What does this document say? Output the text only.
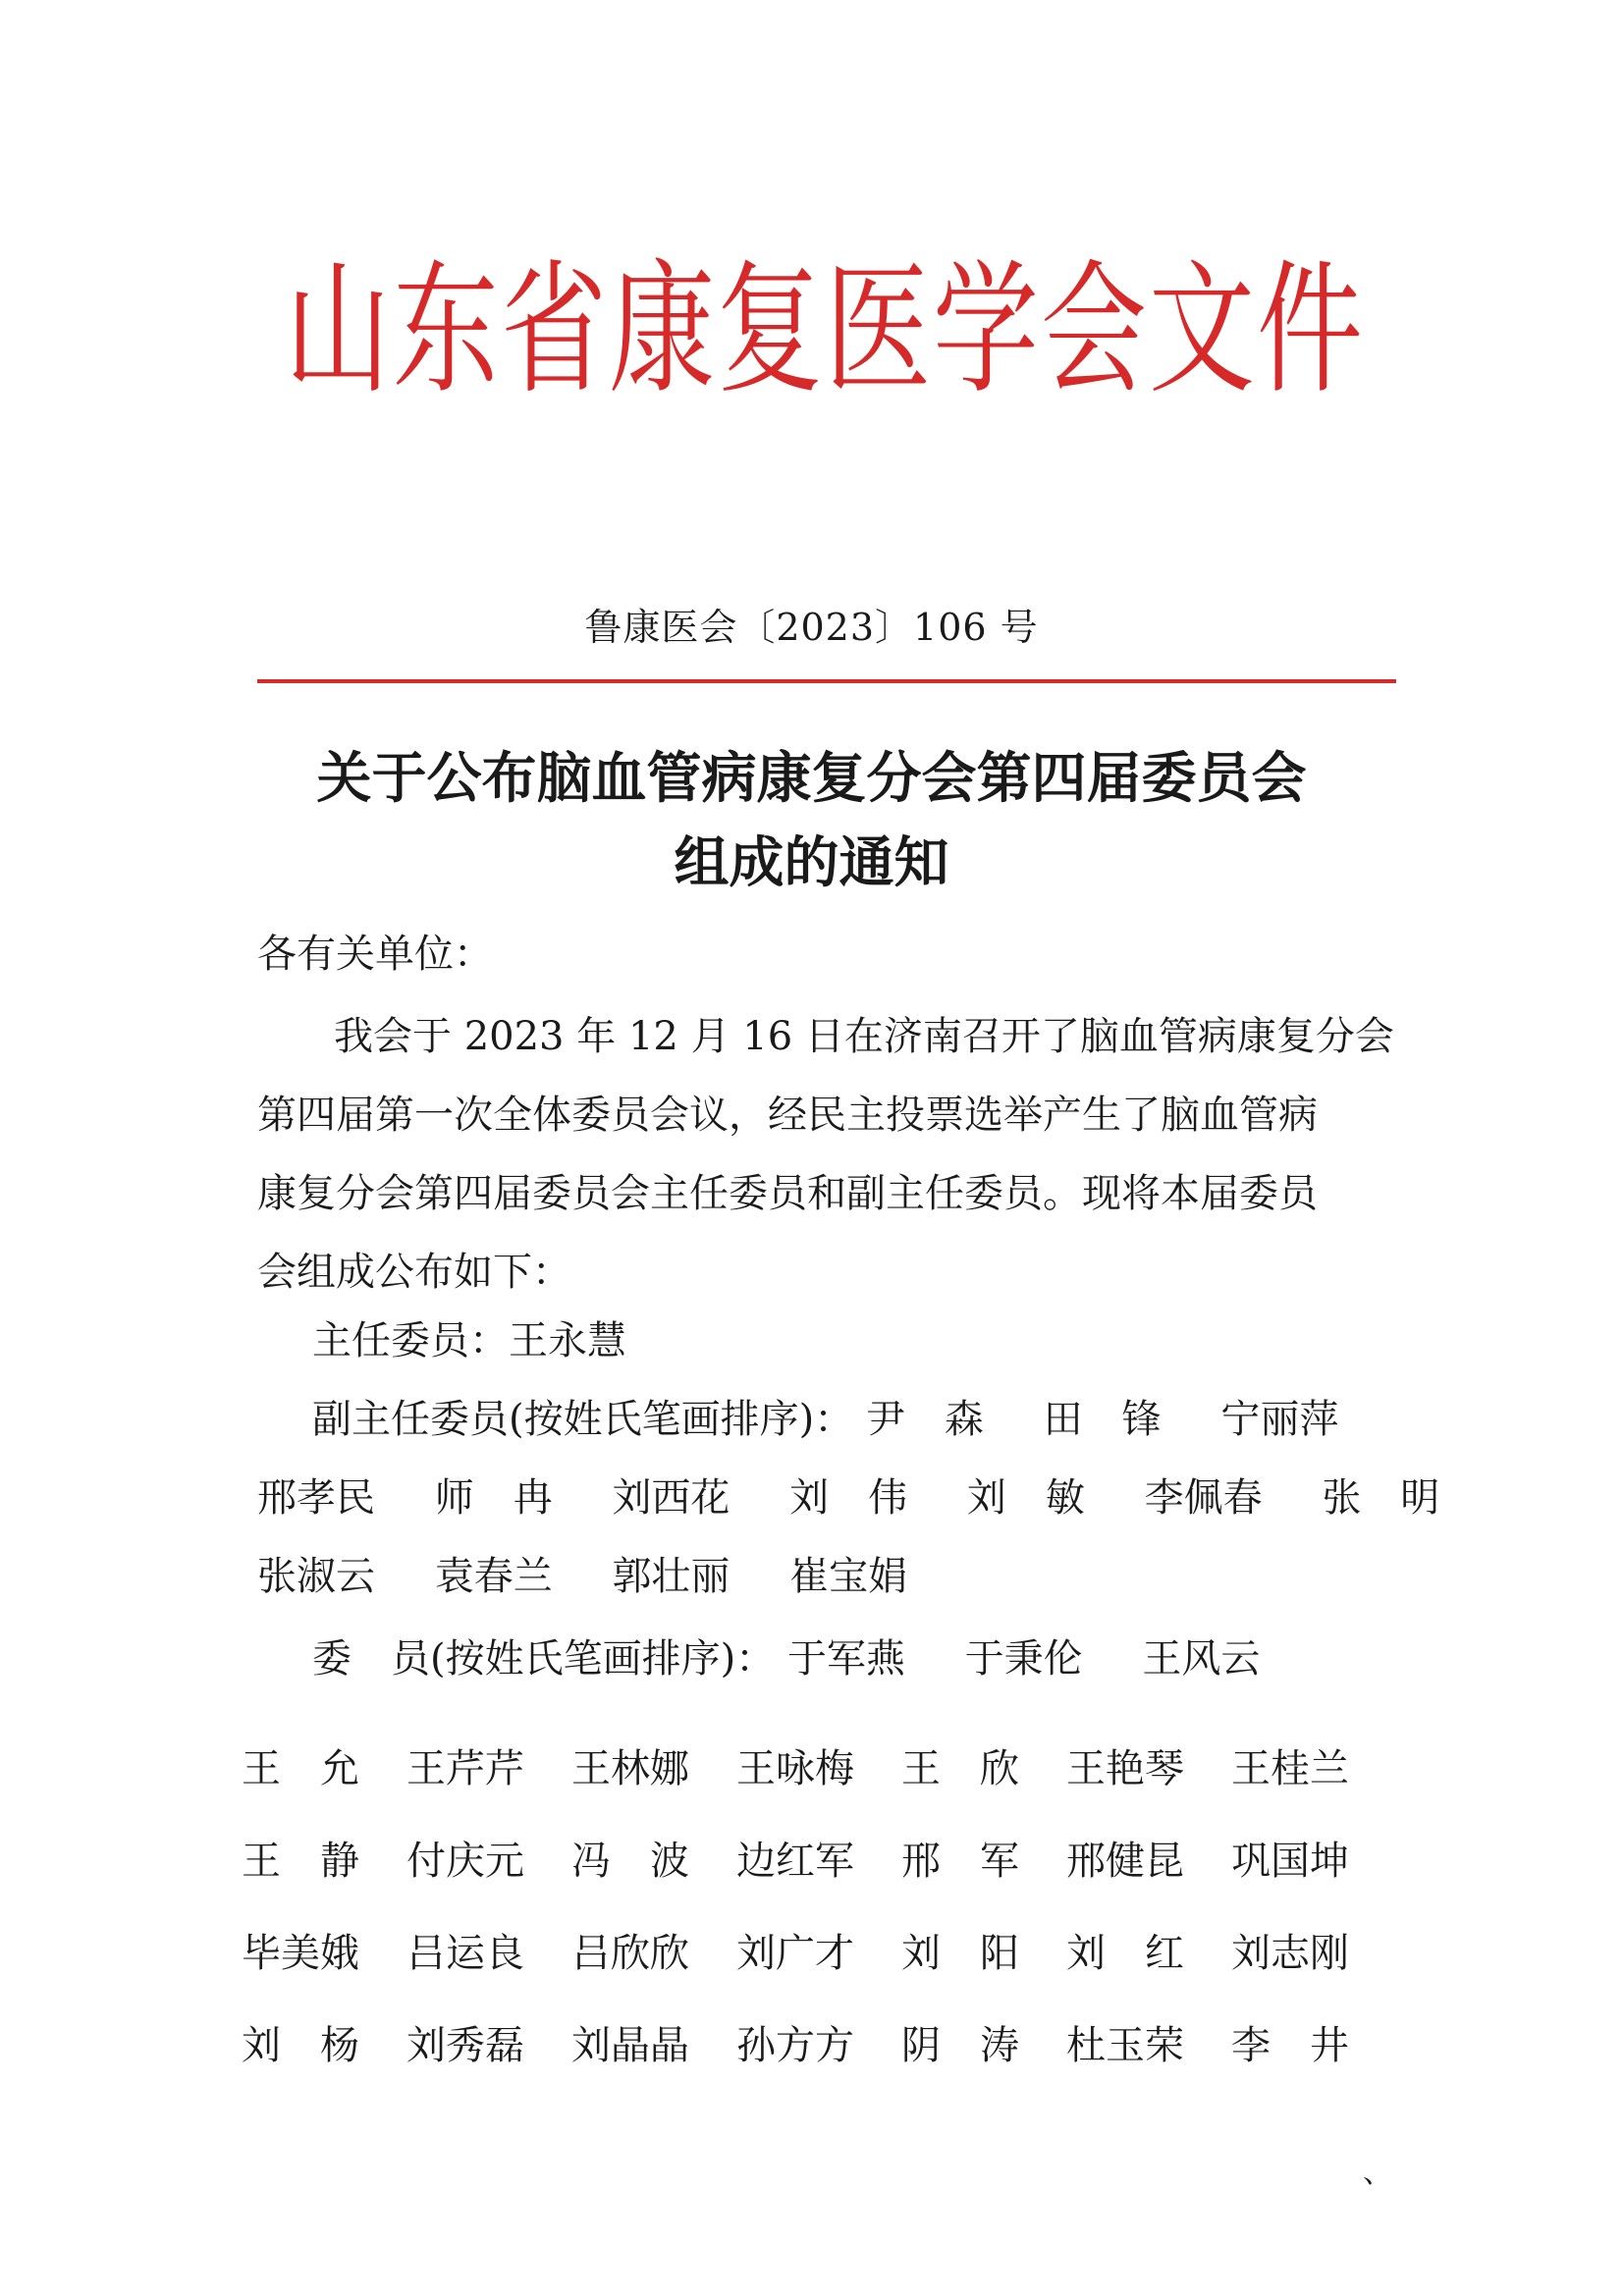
山东省康复医学会文件
鲁康医会〔2023〕106 号
关于公布脑血管病康复分会第四届委员会
组成的通知
各有关单位：
我会于 2023 年 12 月 16 日在济南召开了脑血管病康复分会
第四届第一次全体委员会议，经民主投票选举产生了脑血管病
康复分会第四届委员会主任委员和副主任委员。现将本届委员
会组成公布如下：
主任委员：王永慧
副主任委员(按姓氏笔画排序)： 尹　森 田　锋 宁丽萍
邢孝民 师　冉 刘西花 刘　伟 刘　敏 李佩春 张　明
张淑云 袁春兰 郭壮丽 崔宝娟
委　员(按姓氏笔画排序)： 于军燕 于秉伦 王风云
王　允	王芹芹	王林娜	王咏梅	王　欣	王艳琴	王桂兰
王　静	付庆元	冯　波	边红军	邢　军	邢健昆	巩国坤
毕美娥	吕运良	吕欣欣	刘广才	刘　阳	刘　红	刘志刚
刘　杨	刘秀磊	刘晶晶	孙方方	阴　涛	杜玉荣	李　井
、
